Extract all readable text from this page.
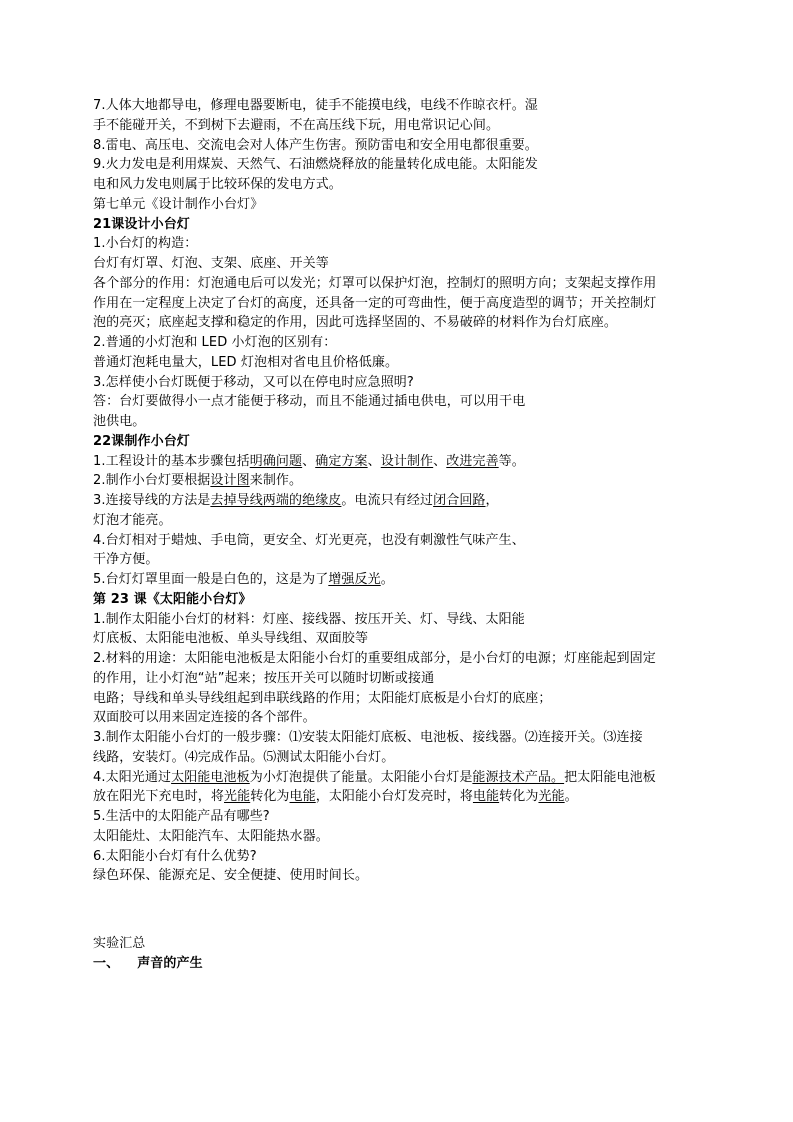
7.人体大地都导电，修理电器要断电，徒手不能摸电线，电线不作晾衣杆。湿
手不能碰开关，不到树下去避雨，不在高压线下玩，用电常识记心间。
8.雷电、高压电、交流电会对人体产生伤害。预防雷电和安全用电都很重要。
9.火力发电是利用煤炭、天然气、石油燃烧释放的能量转化成电能。太阳能发
电和风力发电则属于比较环保的发电方式。
第七单元《设计制作小台灯》
21课设计小台灯
1.小台灯的构造：
台灯有灯罩、灯泡、支架、底座、开关等
各个部分的作用：灯泡通电后可以发光；灯罩可以保护灯泡，控制灯的照明方向；支架起支撑作用
作用在一定程度上决定了台灯的高度，还具备一定的可弯曲性，便于高度造型的调节；开关控制灯
泡的亮灭；底座起支撑和稳定的作用，因此可选择坚固的、不易破碎的材料作为台灯底座。
2.普通的小灯泡和 LED 小灯泡的区别有：
普通灯泡耗电量大，LED 灯泡相对省电且价格低廉。
3.怎样使小台灯既便于移动，又可以在停电时应急照明?
答：台灯要做得小一点才能便于移动，而且不能通过插电供电，可以用干电
池供电。
22课制作小台灯
1.工程设计的基本步骤包括明确问题、确定方案、设计制作、改进完善等。
2.制作小台灯要根据设计图来制作。
3.连接导线的方法是去掉导线两端的绝缘皮。电流只有经过闭合回路，
灯泡才能亮。
4.台灯相对于蜡烛、手电筒，更安全、灯光更亮，也没有刺激性气味产生、
干净方便。
5.台灯灯罩里面一般是白色的，这是为了增强反光。
第 23 课《太阳能小台灯》
1.制作太阳能小台灯的材料：灯座、接线器、按压开关、灯、导线、太阳能
灯底板、太阳能电池板、单头导线组、双面胶等
2.材料的用途：太阳能电池板是太阳能小台灯的重要组成部分，是小台灯的电源；灯座能起到固定
的作用，让小灯泡“站”起来；按压开关可以随时切断或接通
电路；导线和单头导线组起到串联线路的作用；太阳能灯底板是小台灯的底座；
双面胶可以用来固定连接的各个部件。
3.制作太阳能小台灯的一般步骤：⑴安装太阳能灯底板、电池板、接线器。⑵连接开关。⑶连接
线路，安装灯。⑷完成作品。⑸测试太阳能小台灯。
4.太阳光通过太阳能电池板为小灯泡提供了能量。太阳能小台灯是能源技术产品。把太阳能电池板
放在阳光下充电时，将光能转化为电能，太阳能小台灯发亮时，将电能转化为光能。
5.生活中的太阳能产品有哪些?
太阳能灶、太阳能汽车、太阳能热水器。
6.太阳能小台灯有什么优势?
绿色环保、能源充足、安全便捷、使用时间长。
实验汇总
一、 声音的产生
